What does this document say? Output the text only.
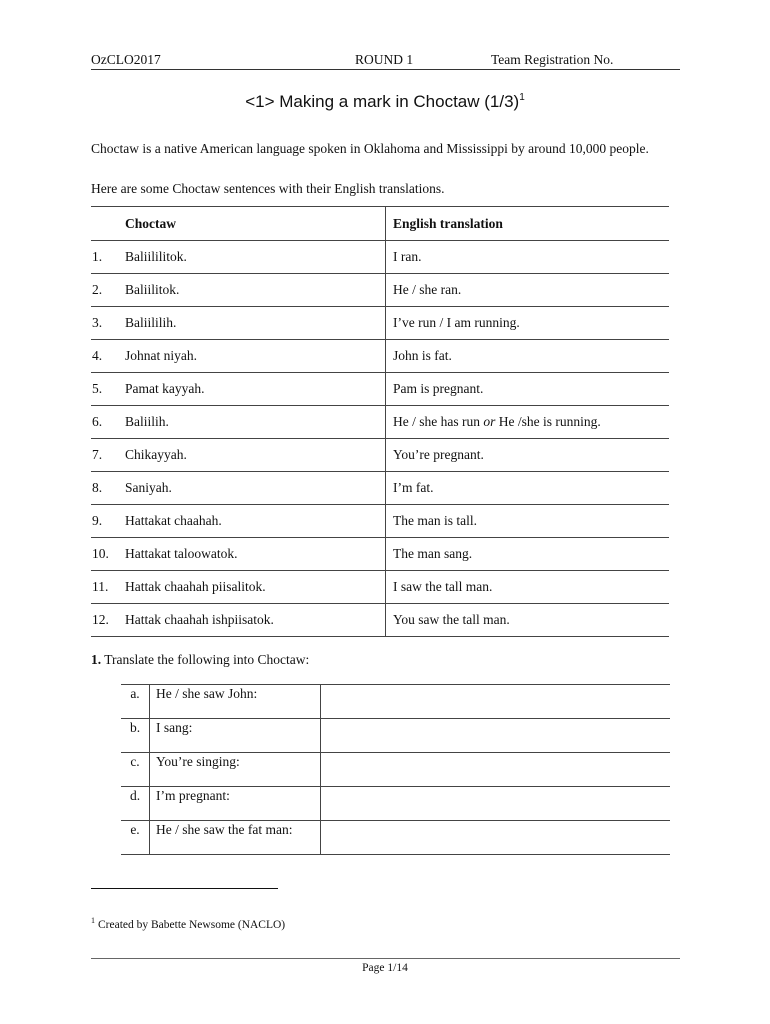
OzCLO2017	ROUND 1	Team Registration No.
<1> Making a mark in Choctaw $(1/3)^1$
Choctaw is a native American language spoken in Oklahoma and Mississippi by around 10,000 people.
Here are some Choctaw sentences with their English translations.
	Choctaw	English translation
1.	Baliililitok.	I ran.
2.	Baliilitok.	He / she ran.
3.	Baliililih.	I’ve run / I am running.
4.	Johnat niyah.	John is fat.
5.	Pamat kayyah.	Pam is pregnant.
6.	Baliilih.	He / she has run or He /she is running.
7.	Chikayyah.	You’re pregnant.
8.	Saniyah.	I’m fat.
9.	Hattakat chaahah.	The man is tall.
10.	Hattakat taloowatok.	The man sang.
11.	Hattak chaahah piisalitok.	I saw the tall man.
12.	Hattak chaahah ishpiisatok.	You saw the tall man.
1. Translate the following into Choctaw:
a.	He / she saw John:	
b.	I sang:	
c.	You’re singing:	
d.	I’m pregnant:	
e.	He / she saw the fat man:	
$^1$ Created by Babette Newsome (NACLO)
Page 1/14
